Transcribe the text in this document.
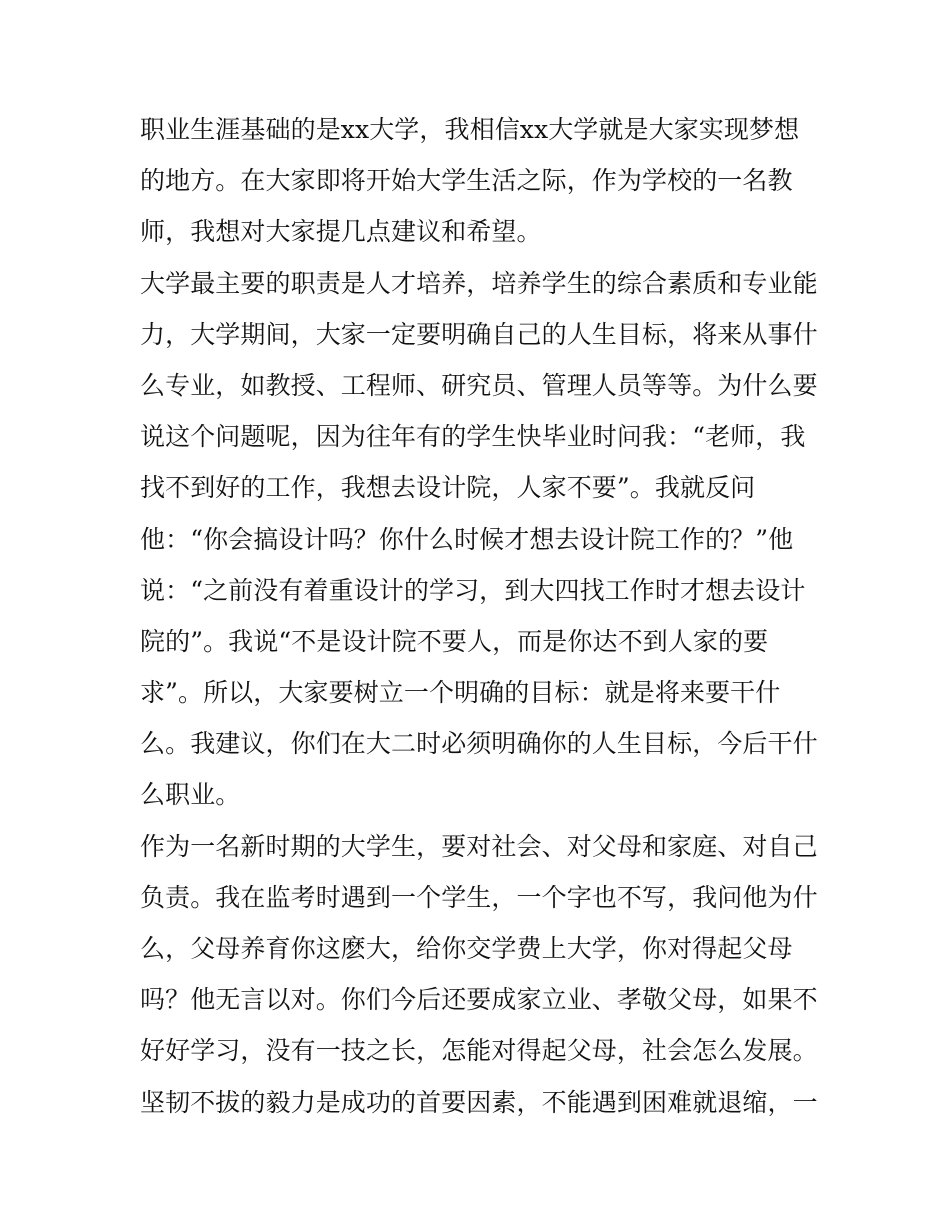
职业生涯基础的是xx大学，我相信xx大学就是大家实现梦想
的地方。在大家即将开始大学生活之际，作为学校的一名教
师，我想对大家提几点建议和希望。
大学最主要的职责是人才培养，培养学生的综合素质和专业能
力，大学期间，大家一定要明确自己的人生目标，将来从事什
么专业，如教授、工程师、研究员、管理人员等等。为什么要
说这个问题呢，因为往年有的学生快毕业时问我：“老师，我
找不到好的工作，我想去设计院，人家不要”。我就反问
他：“你会搞设计吗？你什么时候才想去设计院工作的？”他
说：“之前没有着重设计的学习，到大四找工作时才想去设计
院的”。我说“不是设计院不要人，而是你达不到人家的要
求”。所以，大家要树立一个明确的目标：就是将来要干什
么。我建议，你们在大二时必须明确你的人生目标，今后干什
么职业。
作为一名新时期的大学生，要对社会、对父母和家庭、对自己
负责。我在监考时遇到一个学生，一个字也不写，我问他为什
么，父母养育你这麽大，给你交学费上大学，你对得起父母
吗？他无言以对。你们今后还要成家立业、孝敬父母，如果不
好好学习，没有一技之长，怎能对得起父母，社会怎么发展。
坚韧不拔的毅力是成功的首要因素，不能遇到困难就退缩，一
